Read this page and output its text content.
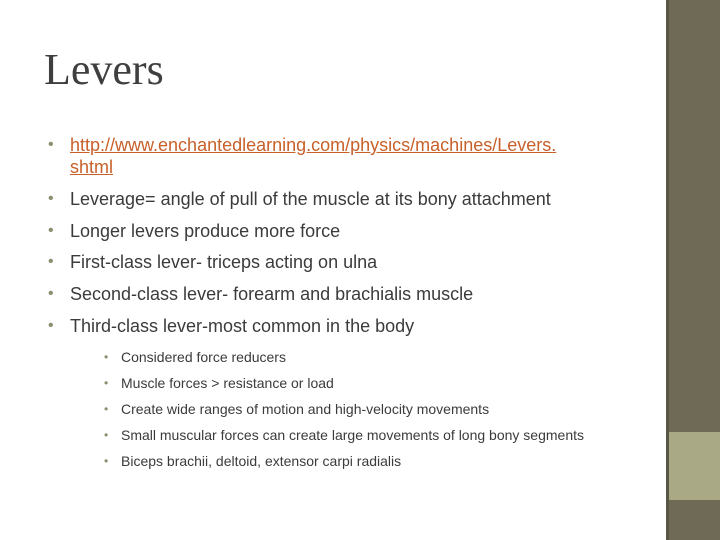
Levers
• http://www.enchantedlearning.com/physics/machines/Levers.
shtml
• Leverage= angle of pull of the muscle at its bony attachment
• Longer levers produce more force
• First-class lever- triceps acting on ulna
• Second-class lever- forearm and brachialis muscle
• Third-class lever-most common in the body
• Considered force reducers
• Muscle forces > resistance or load
• Create wide ranges of motion and high-velocity movements
• Small muscular forces can create large movements of long bony segments
• Biceps brachii, deltoid, extensor carpi radialis
